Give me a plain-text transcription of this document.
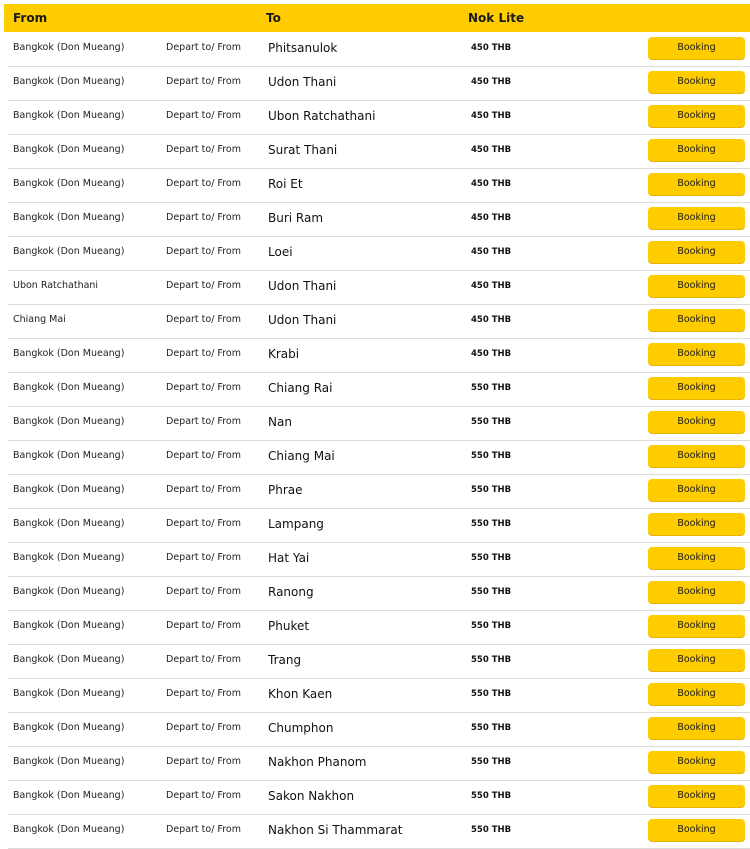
From	To	Nok Lite
Bangkok (Don Mueang)	Depart to/ From Phitsanulok	450 THB	Booking
Bangkok (Don Mueang)	Depart to/ From Udon Thani	450 THB	Booking
Bangkok (Don Mueang)	Depart to/ From Ubon Ratchathani	450 THB	Booking
Bangkok (Don Mueang)	Depart to/ From Surat Thani	450 THB	Booking
Bangkok (Don Mueang)	Depart to/ From Roi Et	450 THB	Booking
Bangkok (Don Mueang)	Depart to/ From Buri Ram	450 THB	Booking
Bangkok (Don Mueang)	Depart to/ From Loei	450 THB	Booking
Ubon Ratchathani	Depart to/ From Udon Thani	450 THB	Booking
Chiang Mai	Depart to/ From Udon Thani	450 THB	Booking
Bangkok (Don Mueang)	Depart to/ From Krabi	450 THB	Booking
Bangkok (Don Mueang)	Depart to/ From Chiang Rai	550 THB	Booking
Bangkok (Don Mueang)	Depart to/ From Nan	550 THB	Booking
Bangkok (Don Mueang)	Depart to/ From Chiang Mai	550 THB	Booking
Bangkok (Don Mueang)	Depart to/ From Phrae	550 THB	Booking
Bangkok (Don Mueang)	Depart to/ From Lampang	550 THB	Booking
Bangkok (Don Mueang)	Depart to/ From Hat Yai	550 THB	Booking
Bangkok (Don Mueang)	Depart to/ From Ranong	550 THB	Booking
Bangkok (Don Mueang)	Depart to/ From Phuket	550 THB	Booking
Bangkok (Don Mueang)	Depart to/ From Trang	550 THB	Booking
Bangkok (Don Mueang)	Depart to/ From Khon Kaen	550 THB	Booking
Bangkok (Don Mueang)	Depart to/ From Chumphon	550 THB	Booking
Bangkok (Don Mueang)	Depart to/ From Nakhon Phanom	550 THB	Booking
Bangkok (Don Mueang)	Depart to/ From Sakon Nakhon	550 THB	Booking
Bangkok (Don Mueang)	Depart to/ From Nakhon Si Thammarat	550 THB	Booking
